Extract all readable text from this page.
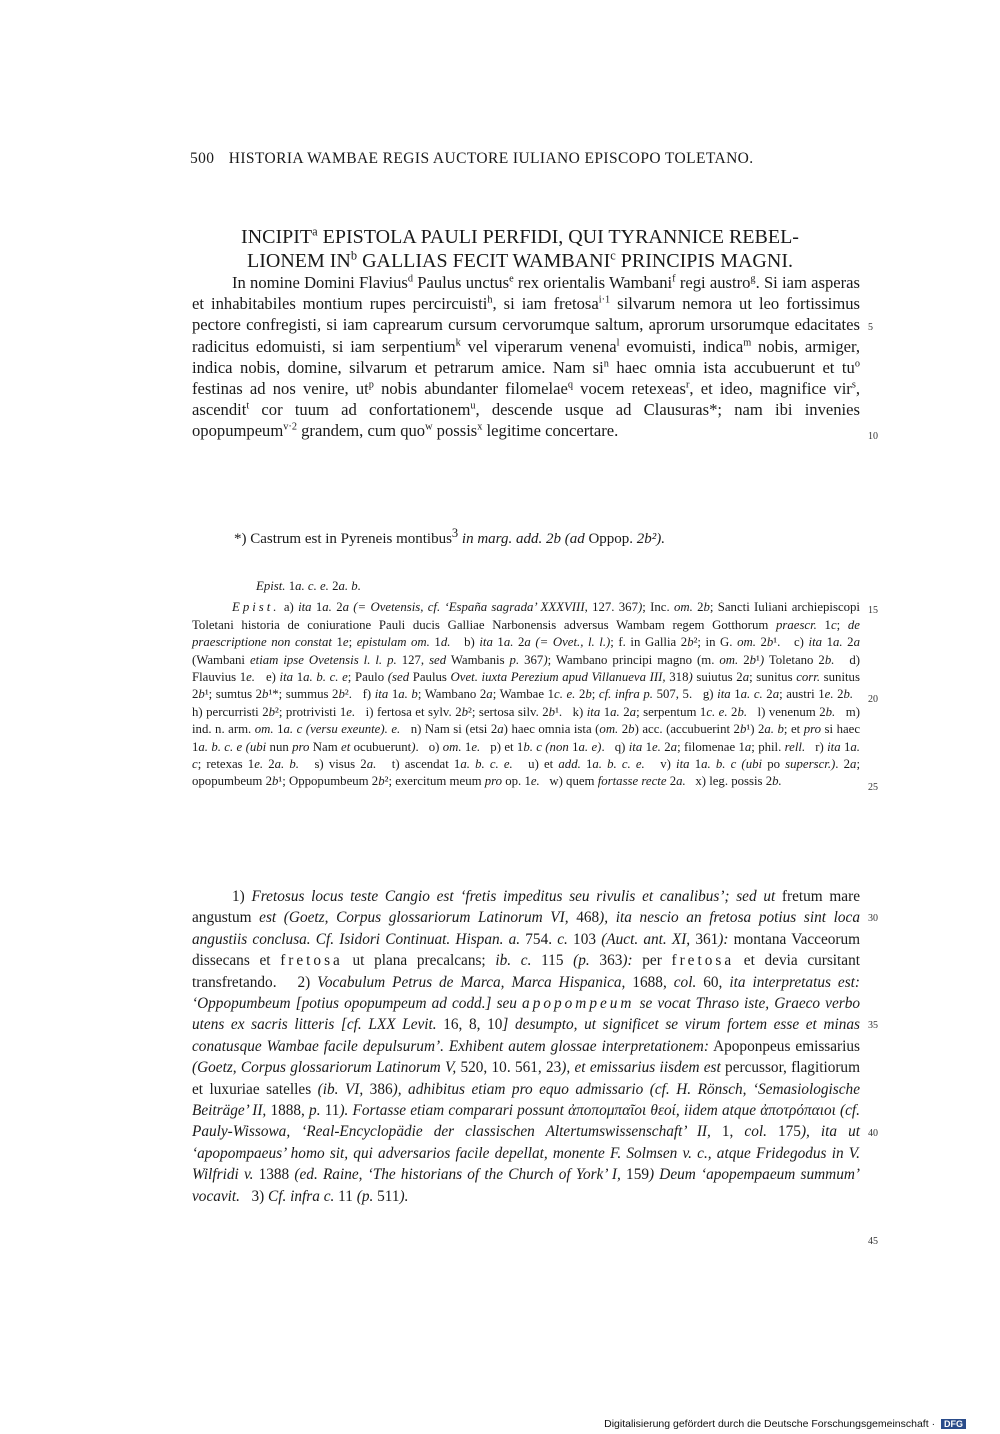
500 HISTORIA WAMBAE REGIS AUCTORE IULIANO EPISCOPO TOLETANO.
INCIPIT$^a$ EPISTOLA PAULI PERFIDI, QUI TYRANNICE REBEL-
LIONEM $IN^b$ GALLIAS FECIT WAMBANI$^c$ PRINCIPIS MAGNI.

In nomine Domini Flavius$^d$ Paulus unctus$^e$ rex orientalis Wambani$^f$ regi austro$^g$. Si iam asperas et inhabitabiles montium rupes percircuisti$^h$, si iam fretosa$^{i\cdot 1}$ silvarum nemora ut leo fortissimus pectore confregisti, si iam caprearum cursum cervorumque saltum, aprorum ursorumque edacitates radicitus edomuisti, si iam serpentium$^k$ vel viperarum venena$^l$ evomuisti, indica$^m$ nobis, armiger, indica nobis, domine, silvarum et petrarum amice. Nam $si^n$ haec omnia ista accubuerunt et $tu^o$ festinas ad nos venire, $ut^p$ nobis abundanter filomelae$^q$ vocem retexeas$^r$, et ideo, magnifice vir$^s$, ascendit$^t$ cor tuum ad confortationem$^u$, descende usque ad Clausuras*; nam ibi invenies opopumpeum$^{v\cdot 2}$ grandem, cum quo$^w$ possis$^x$ legitime concertare.

*) Castrum est in Pyreneis montibus$^3$ in marg. add. 2b (ad Oppop. 2b²).

Epist. 1a. c. e. 2a. b.

Epist. a) ita 1a. 2a (= Ovetensis, cf. ‘España sagrada’ XXXVIII, 127. 367); Inc. om. 2b; Sancti Iuliani archiepiscopi Toletani historia de coniuratione Pauli ducis Galliae Narbonensis adversus Wambam regem Gotthorum praescr. 1c; de praescriptione non constat 1e; epistulam om. 1d.   b) ita 1a. 2a (= Ovet., l. l.); f. in Gallia 2b²; in G. om. 2b¹.   c) ita 1a. 2a (Wambani etiam ipse Ovetensis l. l. p. 127, sed Wambanis p. 367); Wambano principi magno (m. om. 2b¹) Toletano 2b.   d) Flauvius 1e.   e) ita 1a. b. c. e; Paulo (sed Paulus Ovet. iuxta Perezium apud Villanueva III, 318) suiutus 2a; sunitus corr. sunitus 2b¹; sumtus 2b¹*; summus 2b².   f) ita 1a. b; Wambano 2a; Wambae 1c. e. 2b; cf. infra p. 507, 5.   g) ita 1a. c. 2a; austri 1e. 2b.   h) percurristi 2b²; protrivisti 1e.   i) fertosa et sylv. 2b²; sertosa silv. 2b¹.   k) ita 1a. 2a; serpentum 1c. e. 2b.   l) venenum 2b.   m) ind. n. arm. om. 1a. c (versu exeunte). e.   n) Nam si (etsi 2a) haec omnia ista (om. 2b) acc. (accubuerint 2b¹) 2a. b; et pro si haec 1a. b. c. e (ubi nun pro Nam et ocubuerunt).   o) om. 1e.   p) et 1b. c (non 1a. e).   q) ita 1e. 2a; filomenae 1a; phil. rell.   r) ita 1a. c; retexas 1e. 2a. b.   s) visus 2a.   t) ascendat 1a. b. c. e.   u) et add. 1a. b. c. e.   v) ita 1a. b. c (ubi po superscr.). 2a; opopumbeum 2b¹; Oppopumbeum 2b²; exercitum meum pro op. 1e.   w) quem fortasse recte 2a.   x) leg. possis 2b.

1) Fretosus locus teste Cangio est ‘fretis impeditus seu rivulis et canalibus’; sed ut fretum mare angustum est (Goetz, Corpus glossariorum Latinorum VI, 468), ita nescio an fretosa potius sint loca angustiis conclusa. Cf. Isidori Continuat. Hispan. a. 754. c. 103 (Auct. ant. XI, 361): montana Vacceorum dissecans et fretosa ut plana precalcans; ib. c. 115 (p. 363): per fretosa et devia cursitant transfretando.   2) Vocabulum Petrus de Marca, Marca Hispanica, 1688, col. 60, ita interpretatus est: ‘Oppopumbeum [potius opopumpeum ad codd.] seu apopompeum se vocat Thraso iste, Graeco verbo utens ex sacris litteris [cf. LXX Levit. 16, 8, 10] desumpto, ut significet se virum fortem esse et minas conatusque Wambae facile depulsurum’. Exhibent autem glossae interpretationem: Apoponpeus emissarius (Goetz, Corpus glossariorum Latinorum V, 520, 10. 561, 23), et emissarius iisdem est percussor, flagitiorum et luxuriae satelles (ib. VI, 386), adhibitus etiam pro equo admissario (cf. H. Rönsch, ‘Semasiologische Beiträge’ II, 1888, p. 11). Fortasse etiam comparari possunt ἀποπομπαῖοι θεοί, iidem atque ἀποτρόπαιοι (cf. Pauly-Wissowa, ‘Real-Encyclopädie der classischen Altertumswissenschaft’ II, 1, col. 175), ita ut ‘apopompaeus’ homo sit, qui adversarios facile depellat, monente F. Solmsen v. c., atque Fridegodus in V. Wilfridi v. 1388 (ed. Raine, ‘The historians of the Church of York’ I, 159) Deum ‘apopempaeum summum’ vocavit.   3) Cf. infra c. 11 (p. 511).

5
10
15
20
25
30
35
40
45
Digitalisierung gefördert durch die Deutsche Forschungsgemeinschaft · DFG
